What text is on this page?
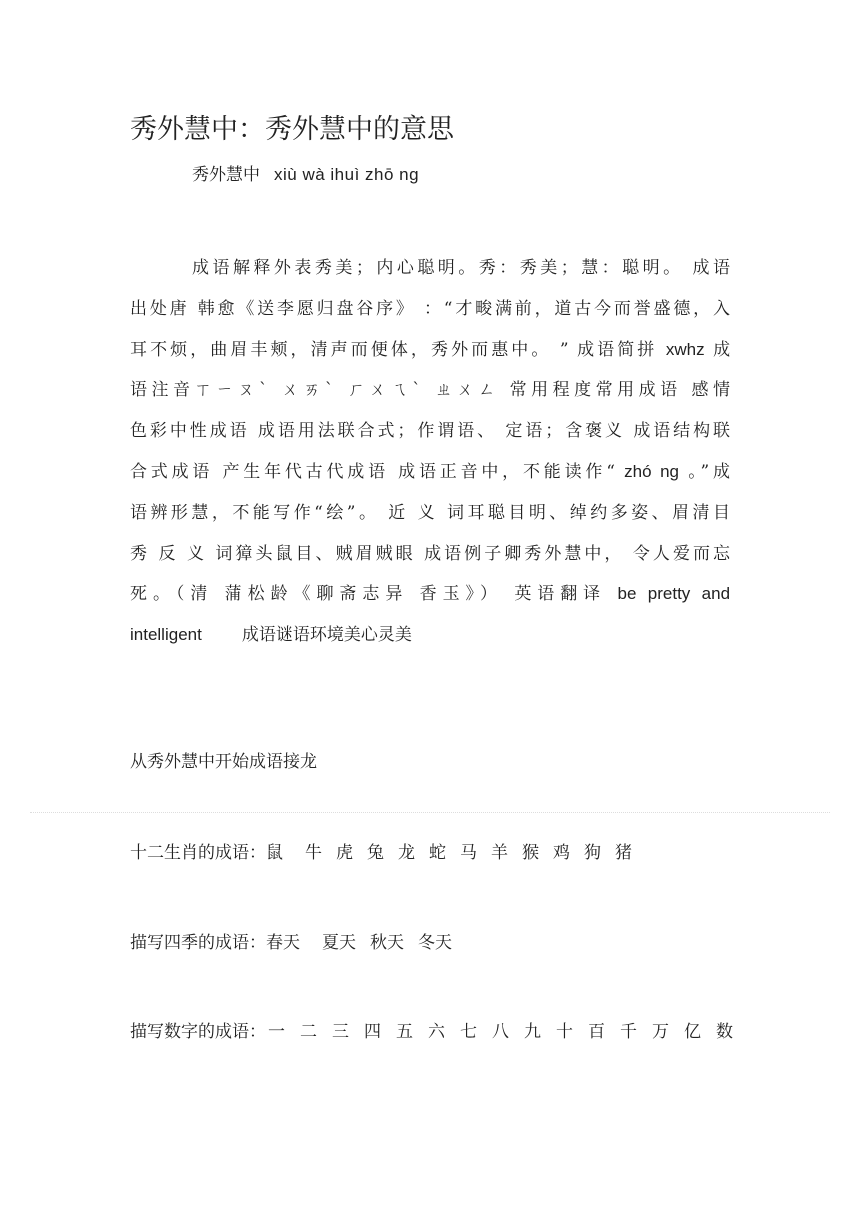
秀外慧中：秀外慧中的意思
秀外慧中 xiù wà ihuì zhō ng
成语解释外表秀美；内心聪明。秀：秀美；慧：聪明。 成语
出处唐 韩愈《送李愿归盘谷序》 ：“才畯满前，道古今而誉盛德，入
耳不烦，曲眉丰颊，清声而便体，秀外而惠中。 ” 成语简拼 xwhz 成
语注音ㄒㄧㄡˋ ㄨㄞˋ ㄏㄨㄟˋ ㄓㄨㄥ 常用程度常用成语 感情
色彩中性成语 成语用法联合式；作谓语、 定语；含褒义 成语结构联
合式成语 产生年代古代成语 成语正音中，不能读作“ zhó ng 。”成
语辨形慧，不能写作“绘”。 近 义 词耳聪目明、绰约多姿、眉清目
秀 反 义 词獐头鼠目、贼眉贼眼 成语例子卿秀外慧中， 令人爱而忘
死。（清 蒲松龄《聊斋志异 香玉》） 英语翻译 be pretty and
intelligent 成语谜语环境美心灵美
从秀外慧中开始成语接龙
十二生肖的成语：鼠 牛 虎 兔 龙 蛇 马 羊 猴 鸡 狗 猪
描写四季的成语：春天 夏天 秋天 冬天
描写数字的成语： 一 二 三 四 五 六 七 八 九 十 百 千 万 亿 数
